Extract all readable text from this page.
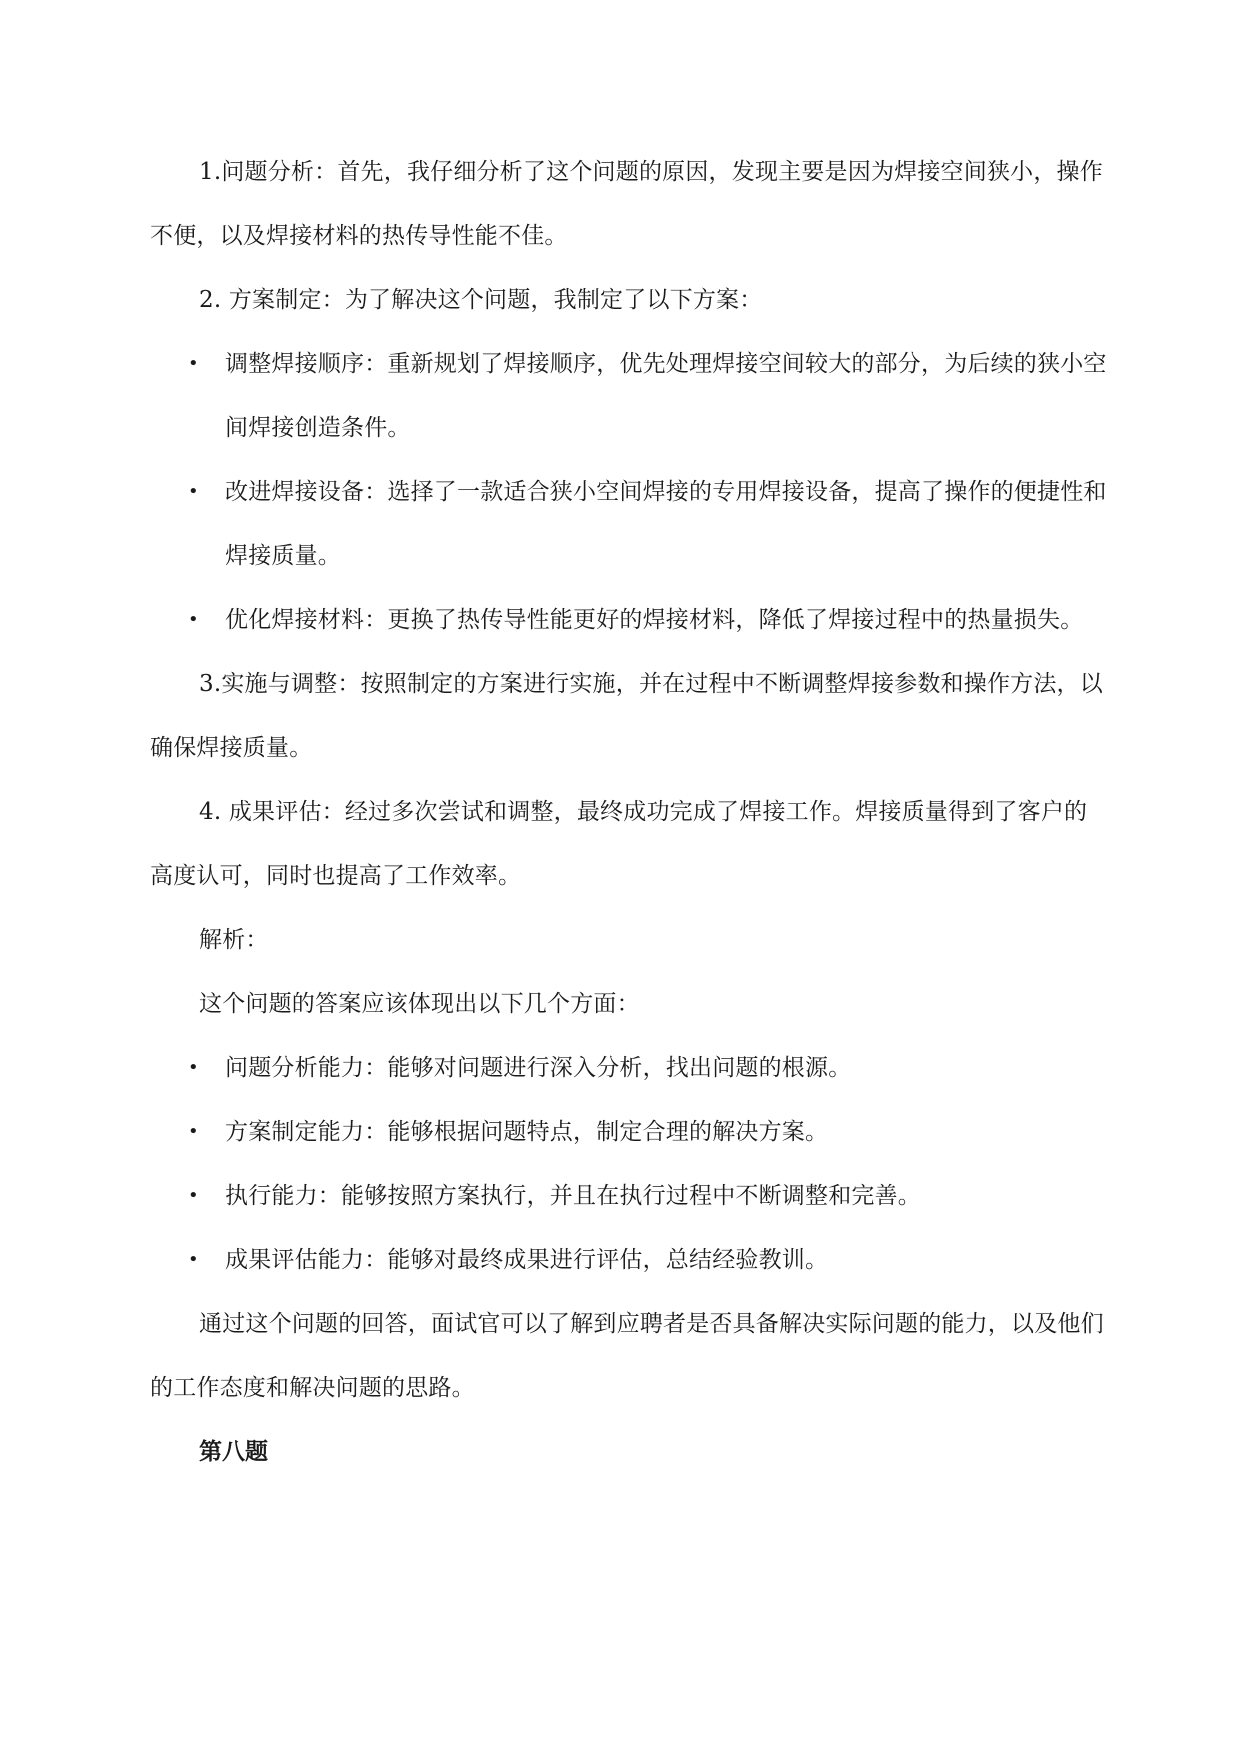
1.问题分析：首先，我仔细分析了这个问题的原因，发现主要是因为焊接空间狭小，操作不便，以及焊接材料的热传导性能不佳。

2. 方案制定：为了解决这个问题，我制定了以下方案：

• 调整焊接顺序：重新规划了焊接顺序，优先处理焊接空间较大的部分，为后续的狭小空间焊接创造条件。
• 改进焊接设备：选择了一款适合狭小空间焊接的专用焊接设备，提高了操作的便捷性和焊接质量。
• 优化焊接材料：更换了热传导性能更好的焊接材料，降低了焊接过程中的热量损失。

3.实施与调整：按照制定的方案进行实施，并在过程中不断调整焊接参数和操作方法，以确保焊接质量。

4. 成果评估：经过多次尝试和调整，最终成功完成了焊接工作。焊接质量得到了客户的高度认可，同时也提高了工作效率。

解析：

这个问题的答案应该体现出以下几个方面：

• 问题分析能力：能够对问题进行深入分析，找出问题的根源。
• 方案制定能力：能够根据问题特点，制定合理的解决方案。
• 执行能力：能够按照方案执行，并且在执行过程中不断调整和完善。
• 成果评估能力：能够对最终成果进行评估，总结经验教训。

通过这个问题的回答，面试官可以了解到应聘者是否具备解决实际问题的能力，以及他们的工作态度和解决问题的思路。

第八题
